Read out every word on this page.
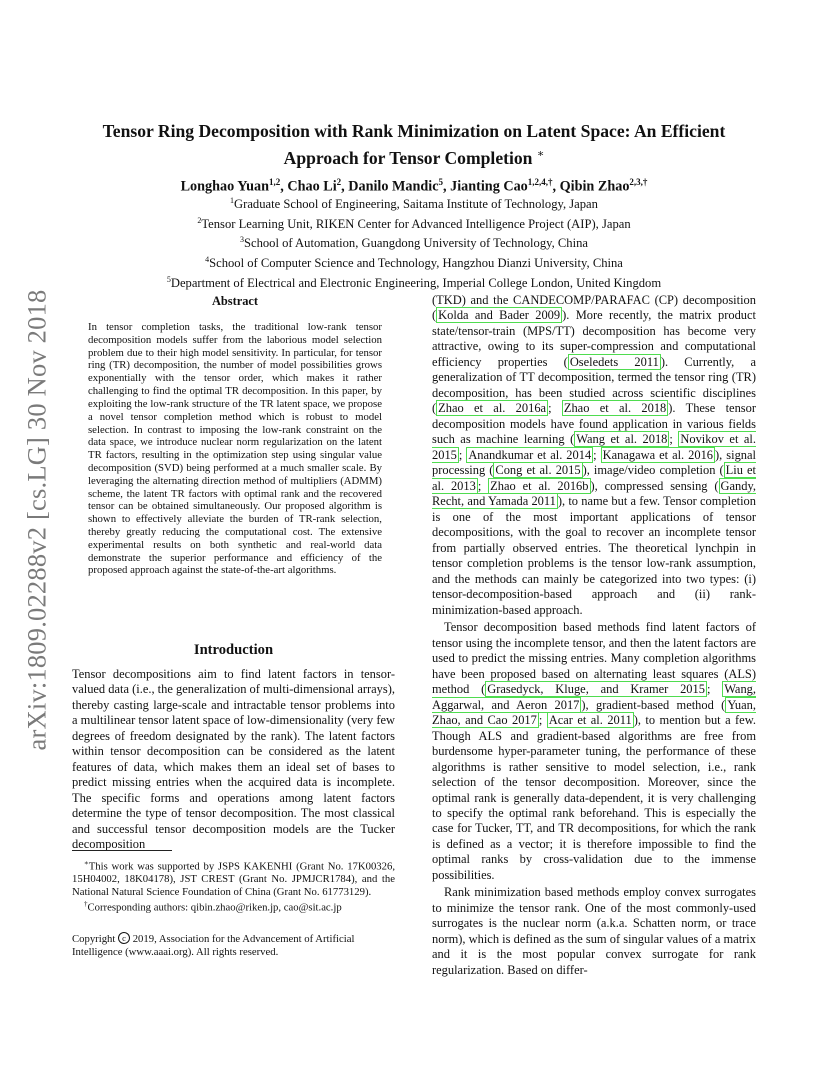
arXiv:1809.02288v2 [cs.LG] 30 Nov 2018
Tensor Ring Decomposition with Rank Minimization on Latent Space: An Efficient Approach for Tensor Completion ∗
Longhao Yuan$^{1,2}$, Chao Li$^2$, Danilo Mandic$^5$, Jianting Cao$^{1,2,4,\dagger}$, Qibin Zhao$^{2,3,\dagger}$
$^1$Graduate School of Engineering, Saitama Institute of Technology, Japan
$^2$Tensor Learning Unit, RIKEN Center for Advanced Intelligence Project (AIP), Japan
$^3$School of Automation, Guangdong University of Technology, China
$^4$School of Computer Science and Technology, Hangzhou Dianzi University, China
$^5$Department of Electrical and Electronic Engineering, Imperial College London, United Kingdom
Abstract
In tensor completion tasks, the traditional low-rank tensor decomposition models suffer from the laborious model selection problem due to their high model sensitivity. In particular, for tensor ring (TR) decomposition, the number of model possibilities grows exponentially with the tensor order, which makes it rather challenging to find the optimal TR decomposition. In this paper, by exploiting the low-rank structure of the TR latent space, we propose a novel tensor completion method which is robust to model selection. In contrast to imposing the low-rank constraint on the data space, we introduce nuclear norm regularization on the latent TR factors, resulting in the optimization step using singular value decomposition (SVD) being performed at a much smaller scale. By leveraging the alternating direction method of multipliers (ADMM) scheme, the latent TR factors with optimal rank and the recovered tensor can be obtained simultaneously. Our proposed algorithm is shown to effectively alleviate the burden of TR-rank selection, thereby greatly reducing the computational cost. The extensive experimental results on both synthetic and real-world data demonstrate the superior performance and efficiency of the proposed approach against the state-of-the-art algorithms.
Introduction
Tensor decompositions aim to find latent factors in tensor-valued data (i.e., the generalization of multi-dimensional arrays), thereby casting large-scale and intractable tensor problems into a multilinear tensor latent space of low-dimensionality (very few degrees of freedom designated by the rank). The latent factors within tensor decomposition can be considered as the latent features of data, which makes them an ideal set of bases to predict missing entries when the acquired data is incomplete. The specific forms and operations among latent factors determine the type of tensor decomposition. The most classical and successful tensor decomposition models are the Tucker decomposition
∗This work was supported by JSPS KAKENHI (Grant No. 17K00326, 15H04002, 18K04178), JST CREST (Grant No. JPMJCR1784), and the National Natural Science Foundation of China (Grant No. 61773129).
†Corresponding authors: qibin.zhao@riken.jp, cao@sit.ac.jp
Copyright c 2019, Association for the Advancement of Artificial Intelligence (www.aaai.org). All rights reserved.

(TKD) and the CANDECOMP/PARAFAC (CP) decomposition ( Kolda and Bader 2009 ). More recently, the matrix product state/tensor-train (MPS/TT) decomposition has become very attractive, owing to its super-compression and computational efficiency properties ( Oseledets 2011 ). Currently, a generalization of TT decomposition, termed the tensor ring (TR) decomposition, has been studied across scientific disciplines ( Zhao et al. 2016a ; Zhao et al. 2018 ). These tensor decomposition models have found application in various fields such as machine learning ( Wang et al. 2018 ; Novikov et al. 2015 ; Anandkumar et al. 2014 ; Kanagawa et al. 2016 ), signal processing ( Cong et al. 2015 ), image/video completion ( Liu et al. 2013 ; Zhao et al. 2016b ), compressed sensing ( Gandy, Recht, and Yamada 2011 ), to name but a few. Tensor completion is one of the most important applications of tensor decompositions, with the goal to recover an incomplete tensor from partially observed entries. The theoretical lynchpin in tensor completion problems is the tensor low-rank assumption, and the methods can mainly be categorized into two types: (i) tensor-decomposition-based approach and (ii) rank-minimization-based approach.

Tensor decomposition based methods find latent factors of tensor using the incomplete tensor, and then the latent factors are used to predict the missing entries. Many completion algorithms have been proposed based on alternating least squares (ALS) method ( Grasedyck, Kluge, and Kramer 2015 ; Wang, Aggarwal, and Aeron 2017 ), gradient-based method ( Yuan, Zhao, and Cao 2017 ; Acar et al. 2011 ), to mention but a few. Though ALS and gradient-based algorithms are free from burdensome hyper-parameter tuning, the performance of these algorithms is rather sensitive to model selection, i.e., rank selection of the tensor decomposition. Moreover, since the optimal rank is generally data-dependent, it is very challenging to specify the optimal rank beforehand. This is especially the case for Tucker, TT, and TR decompositions, for which the rank is defined as a vector; it is therefore impossible to find the optimal ranks by cross-validation due to the immense possibilities.

Rank minimization based methods employ convex surrogates to minimize the tensor rank. One of the most commonly-used surrogates is the nuclear norm (a.k.a. Schatten norm, or trace norm), which is defined as the sum of singular values of a matrix and it is the most popular convex surrogate for rank regularization. Based on differ-
